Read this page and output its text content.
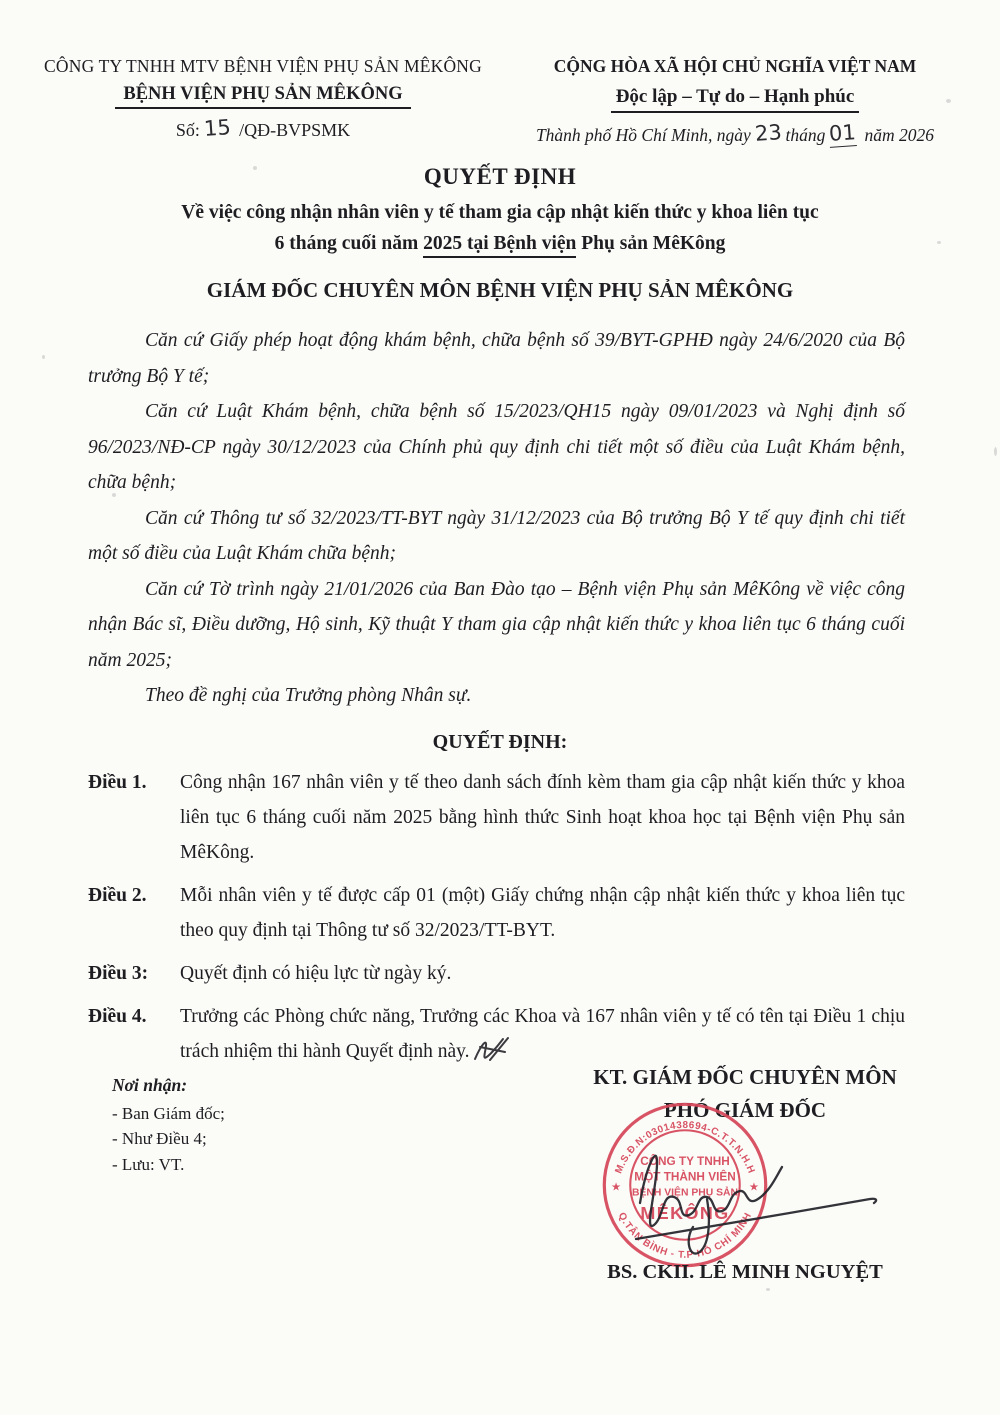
CÔNG TY TNHH MTV BỆNH VIỆN PHỤ SẢN MÊKÔNG
BỆNH VIỆN PHỤ SẢN MÊKÔNG
Số: 15 /QĐ-BVPSMK
CỘNG HÒA XÃ HỘI CHỦ NGHĨA VIỆT NAM
Độc lập – Tự do – Hạnh phúc
Thành phố Hồ Chí Minh, ngày 23 tháng 01 năm 2026
QUYẾT ĐỊNH
Về việc công nhận nhân viên y tế tham gia cập nhật kiến thức y khoa liên tục
6 tháng cuối năm 2025 tại Bệnh viện Phụ sản MêKông
GIÁM ĐỐC CHUYÊN MÔN BỆNH VIỆN PHỤ SẢN MÊKÔNG

Căn cứ Giấy phép hoạt động khám bệnh, chữa bệnh số 39/BYT-GPHĐ ngày 24/6/2020 của Bộ trưởng Bộ Y tế;

Căn cứ Luật Khám bệnh, chữa bệnh số 15/2023/QH15 ngày 09/01/2023 và Nghị định số 96/2023/NĐ-CP ngày 30/12/2023 của Chính phủ quy định chi tiết một số điều của Luật Khám bệnh, chữa bệnh;

Căn cứ Thông tư số 32/2023/TT-BYT ngày 31/12/2023 của Bộ trưởng Bộ Y tế quy định chi tiết một số điều của Luật Khám chữa bệnh;

Căn cứ Tờ trình ngày 21/01/2026 của Ban Đào tạo – Bệnh viện Phụ sản MêKông về việc công nhận Bác sĩ, Điều dưỡng, Hộ sinh, Kỹ thuật Y tham gia cập nhật kiến thức y khoa liên tục 6 tháng cuối năm 2025;

Theo đề nghị của Trưởng phòng Nhân sự.

QUYẾT ĐỊNH:
Điều 1.	Công nhận 167 nhân viên y tế theo danh sách đính kèm tham gia cập nhật kiến thức y khoa liên tục 6 tháng cuối năm 2025 bằng hình thức Sinh hoạt khoa học tại Bệnh viện Phụ sản MêKông.
Điều 2.	Mỗi nhân viên y tế được cấp 01 (một) Giấy chứng nhận cập nhật kiến thức y khoa liên tục theo quy định tại Thông tư số 32/2023/TT-BYT.
Điều 3:	Quyết định có hiệu lực từ ngày ký.
Điều 4.	Trưởng các Phòng chức năng, Trưởng các Khoa và 167 nhân viên y tế có tên tại Điều 1 chịu trách nhiệm thi hành Quyết định này.
Nơi nhận:
- Ban Giám đốc;
- Như Điều 4;
- Lưu: VT.
KT. GIÁM ĐỐC CHUYÊN MÔN
PHÓ GIÁM ĐỐC
M.S.Đ.N:0301438694-C.T.T.N.H.H
Q.TÂN BÌNH - T.P HỒ CHÍ MINH
★	★
CÔNG TY TNHH
MỘT THÀNH VIÊN
BỆNH VIỆN PHỤ SẢN
MÊKÔNG
BS. CKII. LÊ MINH NGUYỆT
